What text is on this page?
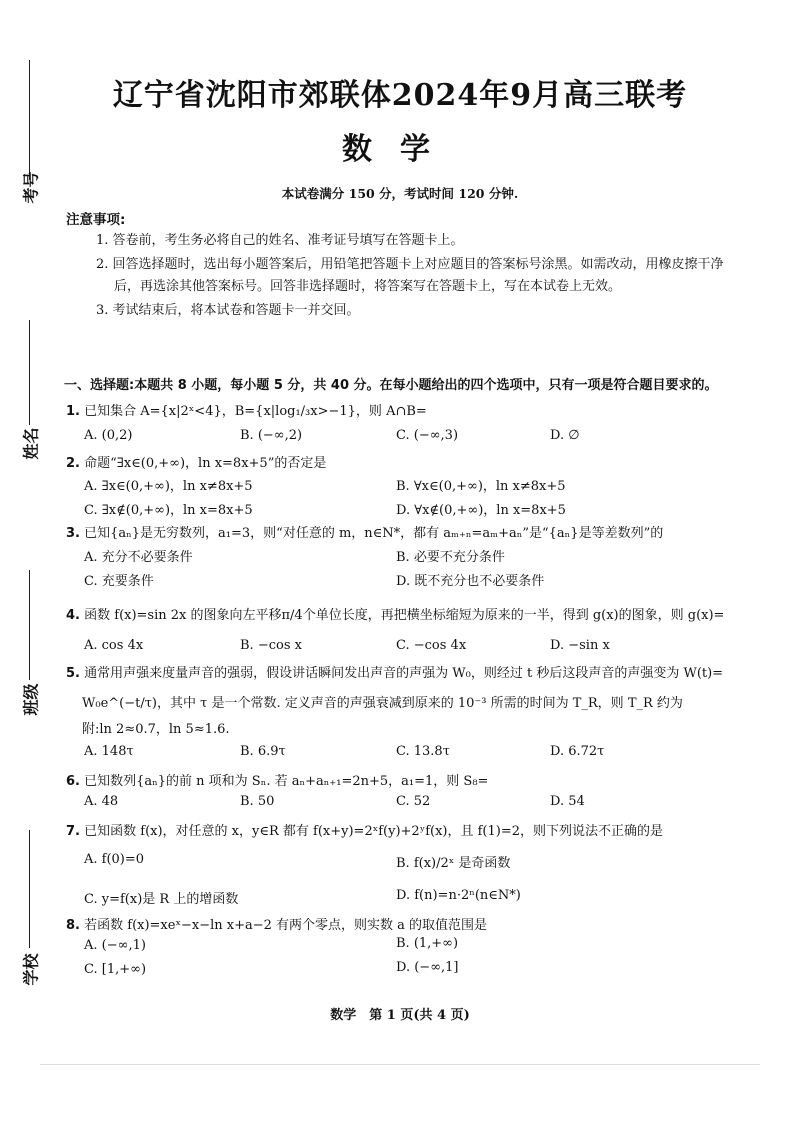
考号
姓名
班级
学校
辽宁省沈阳市郊联体2024年9月高三联考
数学
本试卷满分 150 分，考试时间 120 分钟.
注意事项:
1. 答卷前，考生务必将自己的姓名、准考证号填写在答题卡上。
2. 回答选择题时，选出每小题答案后，用铅笔把答题卡上对应题目的答案标号涂黑。如需改动，用橡皮擦干净
后，再选涂其他答案标号。回答非选择题时，将答案写在答题卡上，写在本试卷上无效。
3. 考试结束后，将本试卷和答题卡一并交回。
一、选择题:本题共 8 小题，每小题 5 分，共 40 分。在每小题给出的四个选项中，只有一项是符合题目要求的。
1. 已知集合 A={x|2ˣ<4}，B={x|log₁/₃x>−1}，则 A∩B=
A. (0,2)	B. (−∞,2)	C. (−∞,3)	D. ∅
2. 命题“∃x∈(0,+∞)，ln x=8x+5”的否定是
A. ∃x∈(0,+∞)，ln x≠8x+5	B. ∀x∈(0,+∞)，ln x≠8x+5
C. ∃x∉(0,+∞)，ln x=8x+5	D. ∀x∉(0,+∞)，ln x=8x+5
3. 已知{aₙ}是无穷数列，a₁=3，则“对任意的 m，n∈N*，都有 aₘ₊ₙ=aₘ+aₙ”是“{aₙ}是等差数列”的
A. 充分不必要条件	B. 必要不充分条件
C. 充要条件	D. 既不充分也不必要条件
4. 函数 f(x)=sin 2x 的图象向左平移π/4个单位长度，再把横坐标缩短为原来的一半，得到 g(x)的图象，则 g(x)=
A. cos 4x	B. −cos x	C. −cos 4x	D. −sin x
5. 通常用声强来度量声音的强弱，假设讲话瞬间发出声音的声强为 W₀，则经过 t 秒后这段声音的声强变为 W(t)=
W₀e^(−t/τ)，其中 τ 是一个常数. 定义声音的声强衰减到原来的 10⁻³ 所需的时间为 T_R，则 T_R 约为
附:ln 2≈0.7，ln 5≈1.6.
A. 148τ	B. 6.9τ	C. 13.8τ	D. 6.72τ
6. 已知数列{aₙ}的前 n 项和为 Sₙ. 若 aₙ+aₙ₊₁=2n+5，a₁=1，则 S₈=
A. 48	B. 50	C. 52	D. 54
7. 已知函数 f(x)，对任意的 x，y∈R 都有 f(x+y)=2ˣf(y)+2ʸf(x)，且 f(1)=2，则下列说法不正确的是
A. f(0)=0	B. f(x)/2ˣ 是奇函数
C. y=f(x)是 R 上的增函数	D. f(n)=n·2ⁿ(n∈N*)
8. 若函数 f(x)=xeˣ−x−ln x+a−2 有两个零点，则实数 a 的取值范围是
A. (−∞,1)	B. (1,+∞)
C. [1,+∞)	D. (−∞,1]
数学　第 1 页(共 4 页)
